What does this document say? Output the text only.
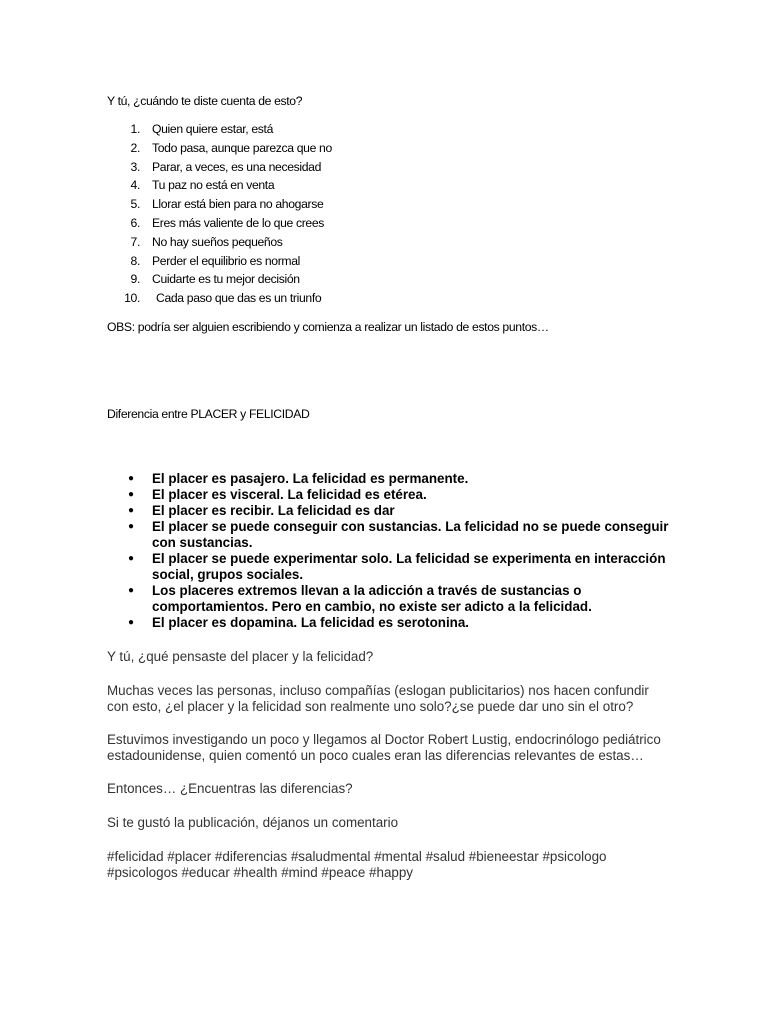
Y tú, ¿cuándo te diste cuenta de esto?
1. Quien quiere estar, está
2. Todo pasa, aunque parezca que no
3. Parar, a veces, es una necesidad
4. Tu paz no está en venta
5. Llorar está bien para no ahogarse
6. Eres más valiente de lo que crees
7. No hay sueños pequeños
8. Perder el equilibrio es normal
9. Cuidarte es tu mejor decisión
10. Cada paso que das es un triunfo
OBS: podría ser alguien escribiendo y comienza a realizar un listado de estos puntos…
Diferencia entre PLACER y FELICIDAD
● El placer es pasajero. La felicidad es permanente.
● El placer es visceral. La felicidad es etérea.
● El placer es recibir. La felicidad es dar
● El placer se puede conseguir con sustancias. La felicidad no se puede conseguir
con sustancias.
● El placer se puede experimentar solo. La felicidad se experimenta en interacción
social, grupos sociales.
● Los placeres extremos llevan a la adicción a través de sustancias o
comportamientos. Pero en cambio, no existe ser adicto a la felicidad.
● El placer es dopamina. La felicidad es serotonina.
Y tú, ¿qué pensaste del placer y la felicidad?
Muchas veces las personas, incluso compañías (eslogan publicitarios) nos hacen confundir
con esto, ¿el placer y la felicidad son realmente uno solo?¿se puede dar uno sin el otro?
Estuvimos investigando un poco y llegamos al Doctor Robert Lustig, endocrinólogo pediátrico
estadounidense, quien comentó un poco cuales eran las diferencias relevantes de estas…
Entonces… ¿Encuentras las diferencias?
Si te gustó la publicación, déjanos un comentario
#felicidad #placer #diferencias #saludmental #mental #salud #bieneestar #psicologo
#psicologos #educar #health #mind #peace #happy
